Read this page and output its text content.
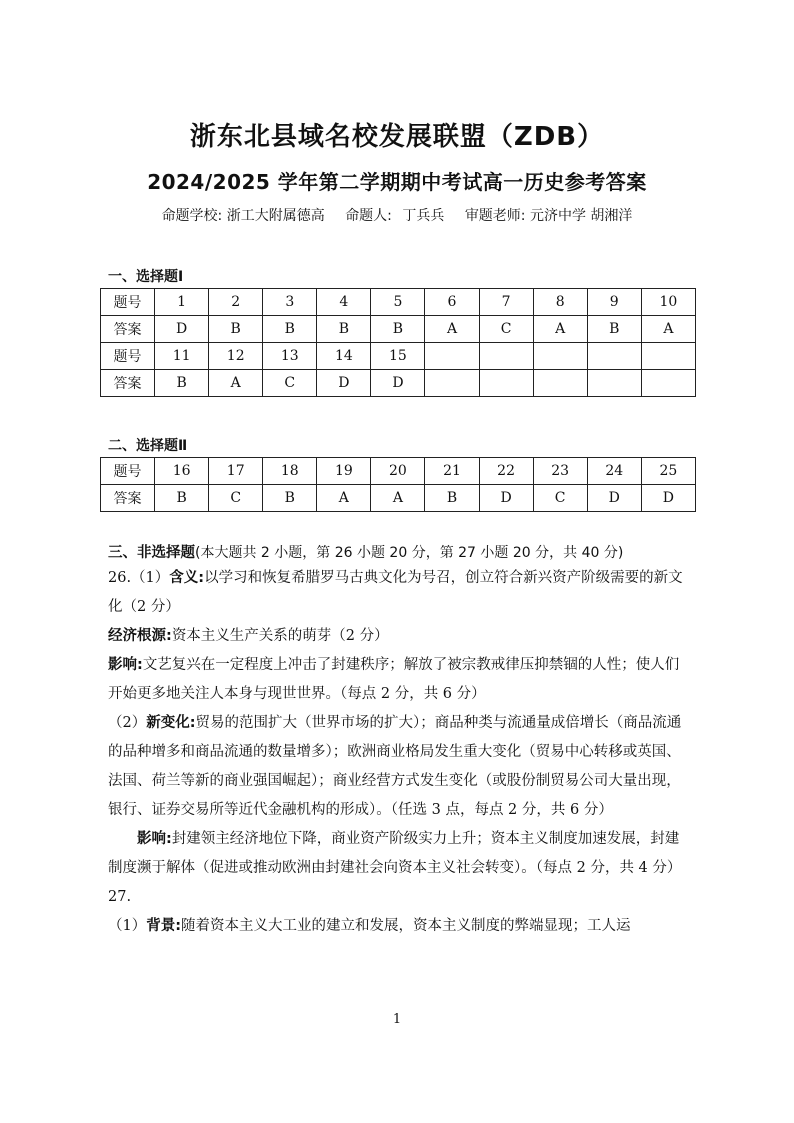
浙东北县域名校发展联盟（ZDB）
2024/2025 学年第二学期期中考试高一历史参考答案
命题学校: 浙工大附属德高 命题人: 丁兵兵 审题老师: 元济中学 胡湘洋
一、选择题Ⅰ
题号	1	2	3	4	5	6	7	8	9	10
答案	D	B	B	B	B	A	C	A	B	A
题号	11	12	13	14	15					
答案	B	A	C	D	D					
二、选择题Ⅱ
题号	16	17	18	19	20	21	22	23	24	25
答案	B	C	B	A	A	B	D	C	D	D

三、非选择题(本大题共 2 小题，第 26 小题 20 分，第 27 小题 20 分，共 40 分)

26.（1）含义:以学习和恢复希腊罗马古典文化为号召，创立符合新兴资产阶级需要的新文化（2 分）

经济根源:资本主义生产关系的萌芽（2 分）

影响:文艺复兴在一定程度上冲击了封建秩序；解放了被宗教戒律压抑禁锢的人性；使人们开始更多地关注人本身与现世世界。（每点 2 分，共 6 分）

（2）新变化:贸易的范围扩大（世界市场的扩大）；商品种类与流通量成倍增长（商品流通的品种增多和商品流通的数量增多）；欧洲商业格局发生重大变化（贸易中心转移或英国、法国、荷兰等新的商业强国崛起）；商业经营方式发生变化（或股份制贸易公司大量出现，银行、证券交易所等近代金融机构的形成）。（任选 3 点，每点 2 分，共 6 分）

影响:封建领主经济地位下降，商业资产阶级实力上升；资本主义制度加速发展，封建制度濒于解体（促进或推动欧洲由封建社会向资本主义社会转变）。（每点 2 分，共 4 分）

27.

（1）背景:随着资本主义大工业的建立和发展，资本主义制度的弊端显现；工人运

1
